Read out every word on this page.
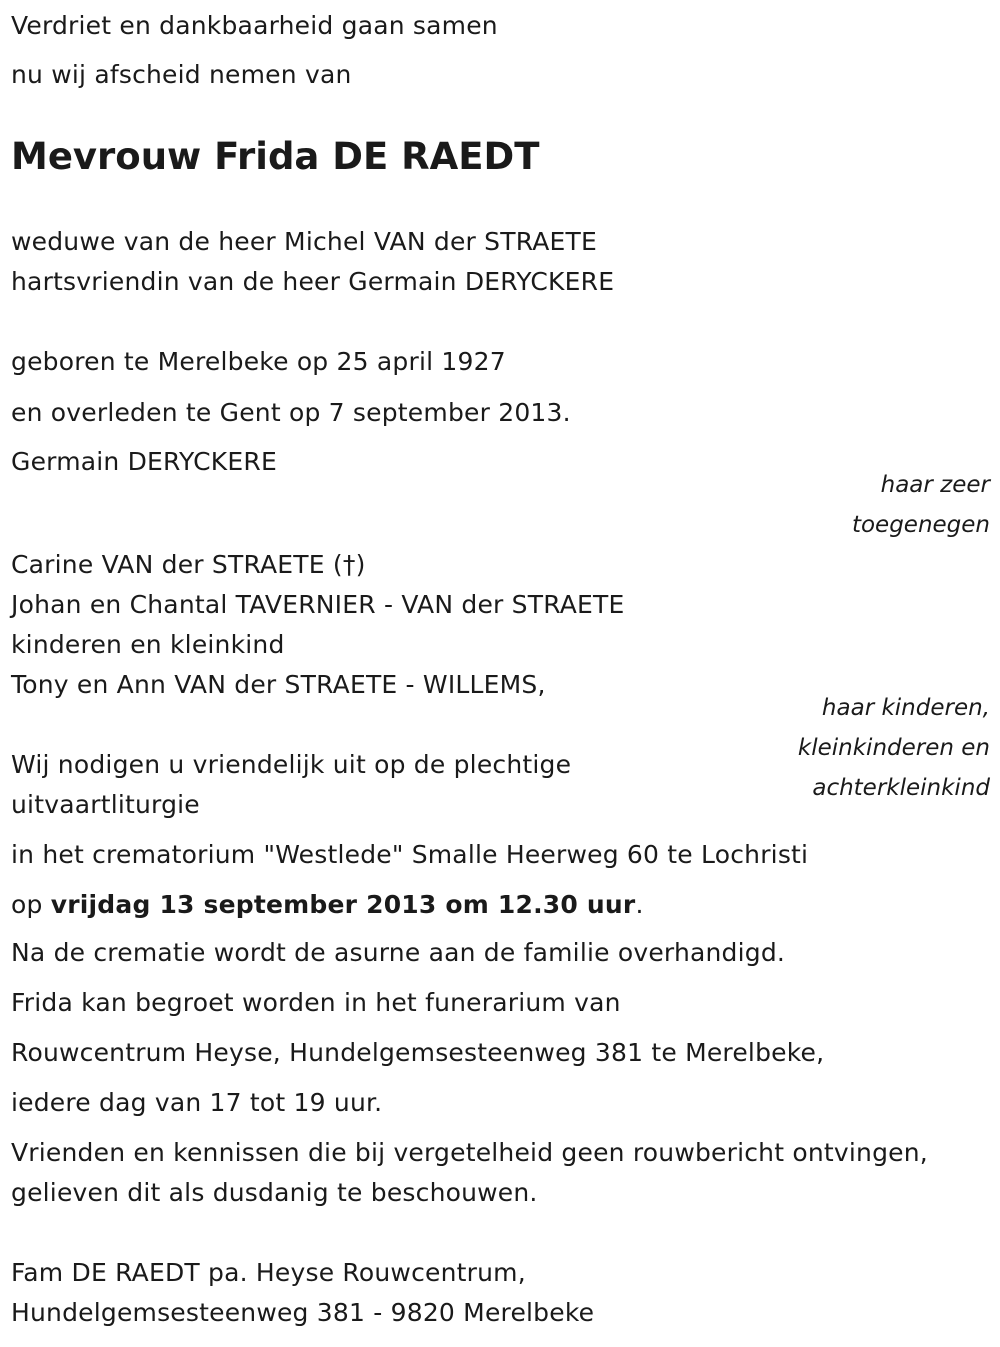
Verdriet en dankbaarheid gaan samen
nu wij afscheid nemen van
Mevrouw Frida DE RAEDT
weduwe van de heer Michel VAN der STRAETE
hartsvriendin van de heer Germain DERYCKERE
geboren te Merelbeke op 25 april 1927
en overleden te Gent op 7 september 2013.
Germain DERYCKERE
haar zeer
toegenegen
Carine VAN der STRAETE (†)
Johan en Chantal TAVERNIER - VAN der STRAETE
kinderen en kleinkind
Tony en Ann VAN der STRAETE - WILLEMS,
haar kinderen,
kleinkinderen en
achterkleinkind
Wij nodigen u vriendelijk uit op de plechtige
uitvaartliturgie
in het crematorium "Westlede" Smalle Heerweg 60 te Lochristi
op vrijdag 13 september 2013 om 12.30 uur.
Na de crematie wordt de asurne aan de familie overhandigd.
Frida kan begroet worden in het funerarium van
Rouwcentrum Heyse, Hundelgemsesteenweg 381 te Merelbeke,
iedere dag van 17 tot 19 uur.
Vrienden en kennissen die bij vergetelheid geen rouwbericht ontvingen,
gelieven dit als dusdanig te beschouwen.
Fam DE RAEDT pa. Heyse Rouwcentrum,
Hundelgemsesteenweg 381 - 9820 Merelbeke
